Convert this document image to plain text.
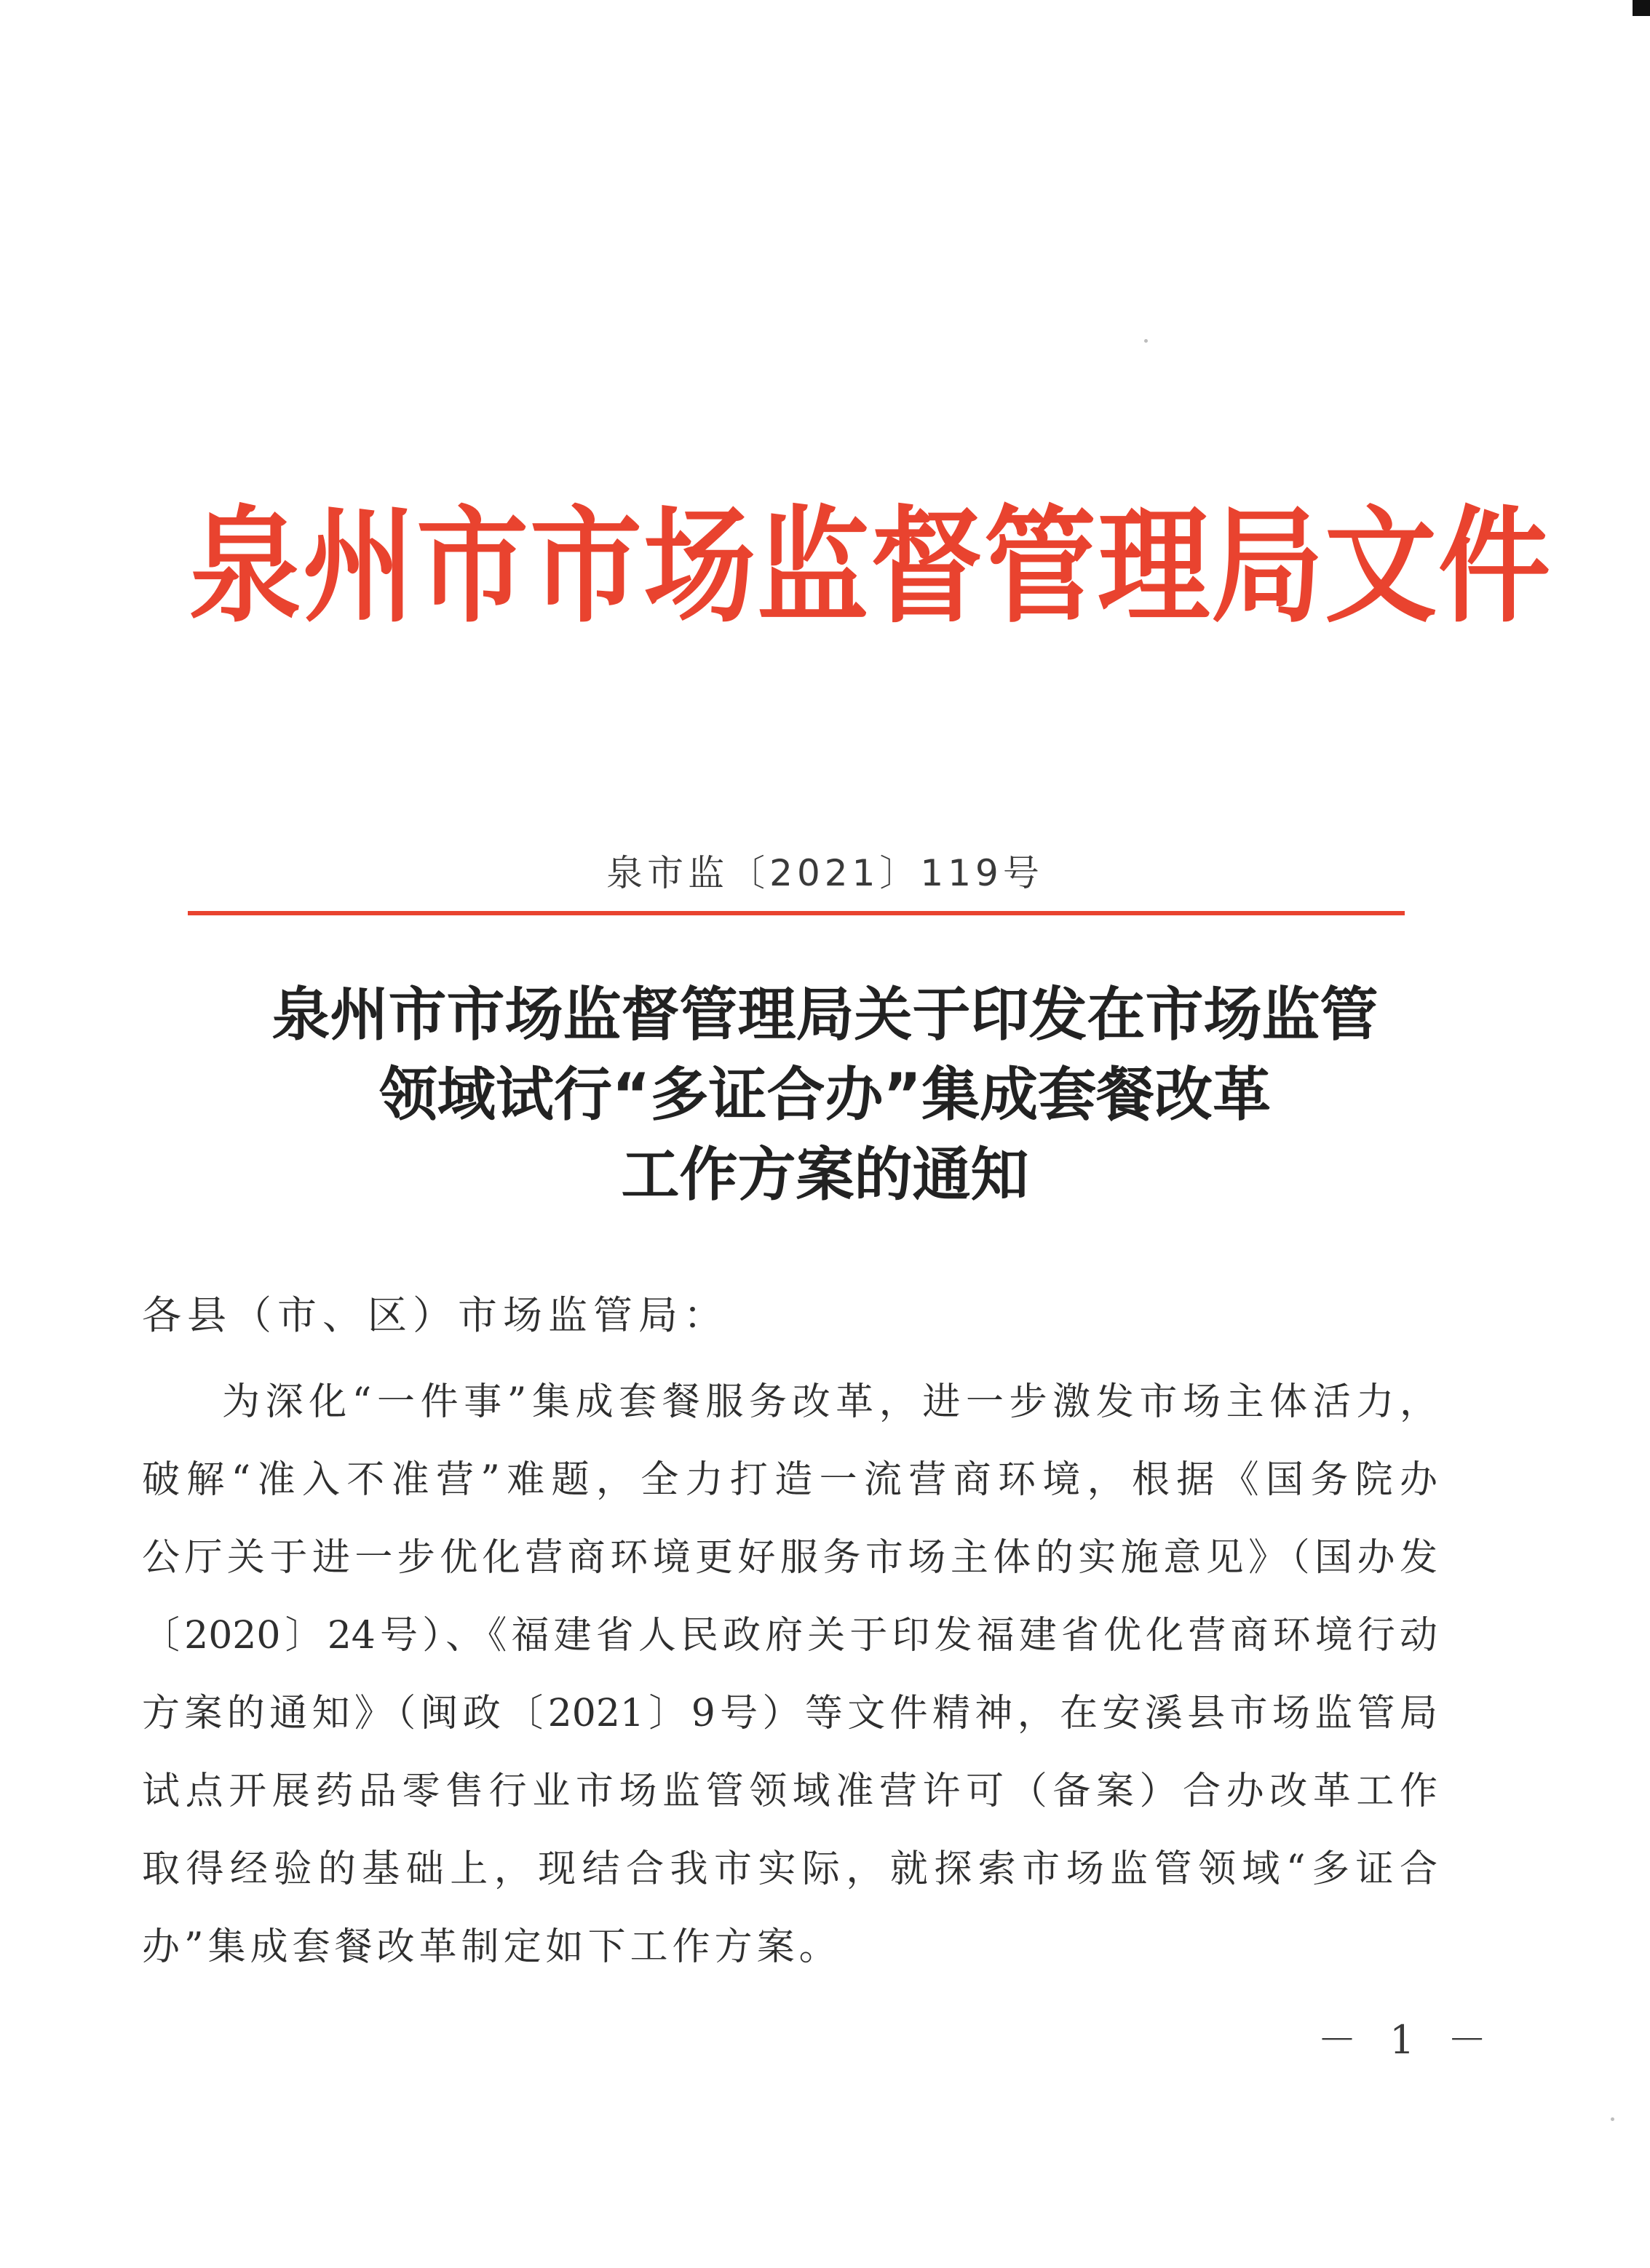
泉州市市场监督管理局文件
泉市监〔2021〕119号
泉州市市场监督管理局关于印发在市场监管
领域试行“多证合办”集成套餐改革
工作方案的通知
各县（市、区）市场监管局：
为深化“一件事”集成套餐服务改革，进一步激发市场主体活力，
破解“准入不准营”难题，全力打造一流营商环境，根据《国务院办
公厅关于进一步优化营商环境更好服务市场主体的实施意见》（国办发
〔2020〕24号）、《福建省人民政府关于印发福建省优化营商环境行动
方案的通知》（闽政〔2021〕9号）等文件精神，在安溪县市场监管局
试点开展药品零售行业市场监管领域准营许可（备案）合办改革工作
取得经验的基础上，现结合我市实际，就探索市场监管领域“多证合
办”集成套餐改革制定如下工作方案。
－ 1 －
